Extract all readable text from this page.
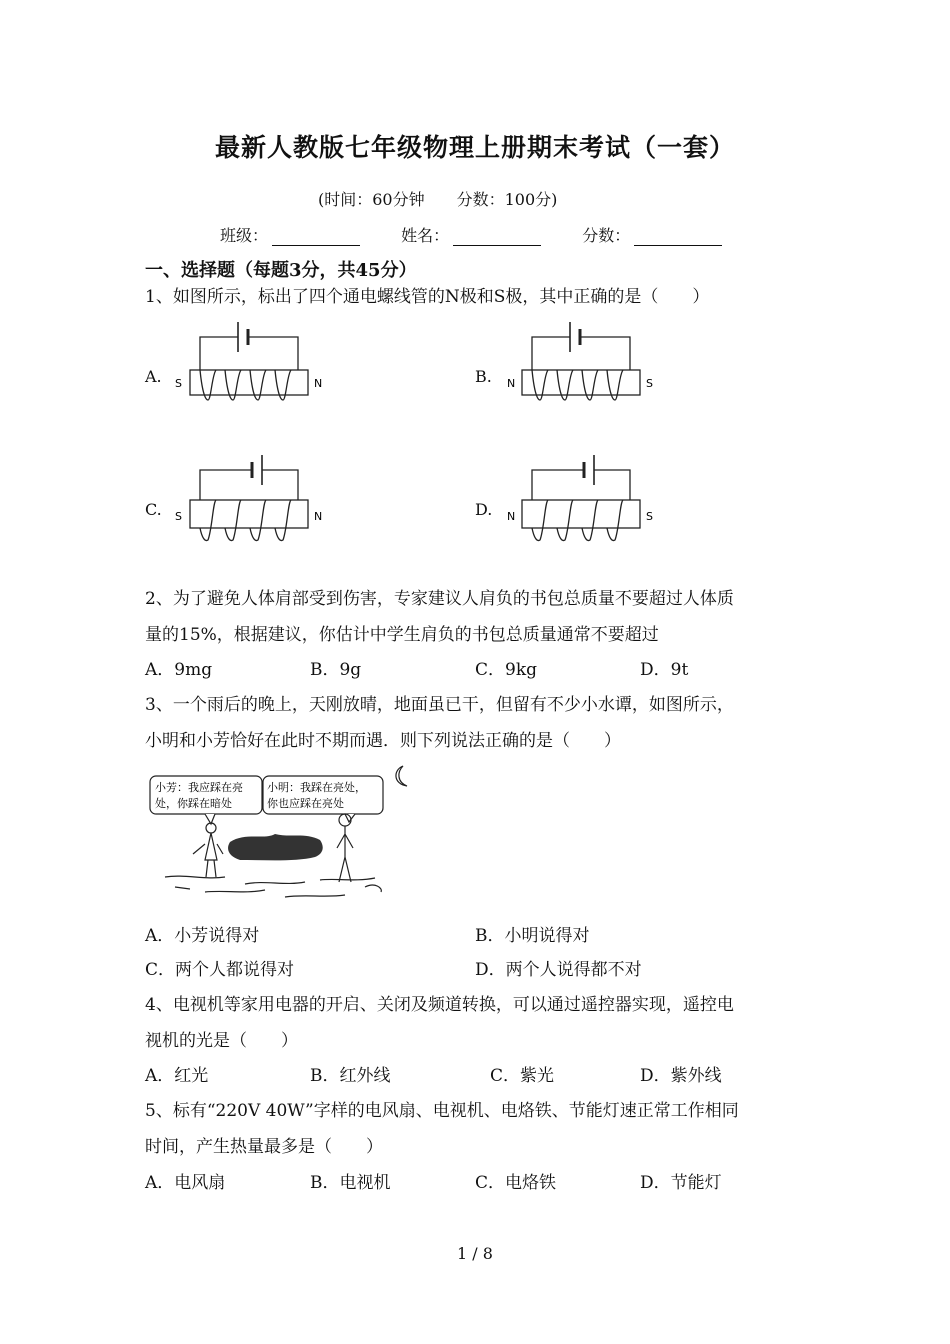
最新人教版七年级物理上册期末考试（一套）
(时间：60分钟　　分数：100分)
班级：	姓名：	分数：
一、选择题（每题3分，共45分）
1、如图所示，标出了四个通电螺线管的N极和S极，其中正确的是（　　）
A.	B.
C.	D.
S	N	N	S
S	N	N	S
2、为了避免人体肩部受到伤害，专家建议人肩负的书包总质量不要超过人体质
量的15%，根据建议，你估计中学生肩负的书包总质量通常不要超过
A．9mg	B．9g	C．9kg	D．9t
3、一个雨后的晚上，天刚放晴，地面虽已干，但留有不少小水谭，如图所示，
小明和小芳恰好在此时不期而遇．则下列说法正确的是（　　）
小芳：我应踩在亮
处，你踩在暗处
小明：我踩在亮处，
你也应踩在亮处
A．小芳说得对	B．小明说得对
C．两个人都说得对	D．两个人说得都不对
4、电视机等家用电器的开启、关闭及频道转换，可以通过遥控器实现，遥控电
视机的光是（　　）
A．红光	B．红外线	C．紫光	D．紫外线
5、标有“220V 40W”字样的电风扇、电视机、电烙铁、节能灯速正常工作相同
时间，产生热量最多是（　　）
A．电风扇	B．电视机	C．电烙铁	D．节能灯
1 / 8
